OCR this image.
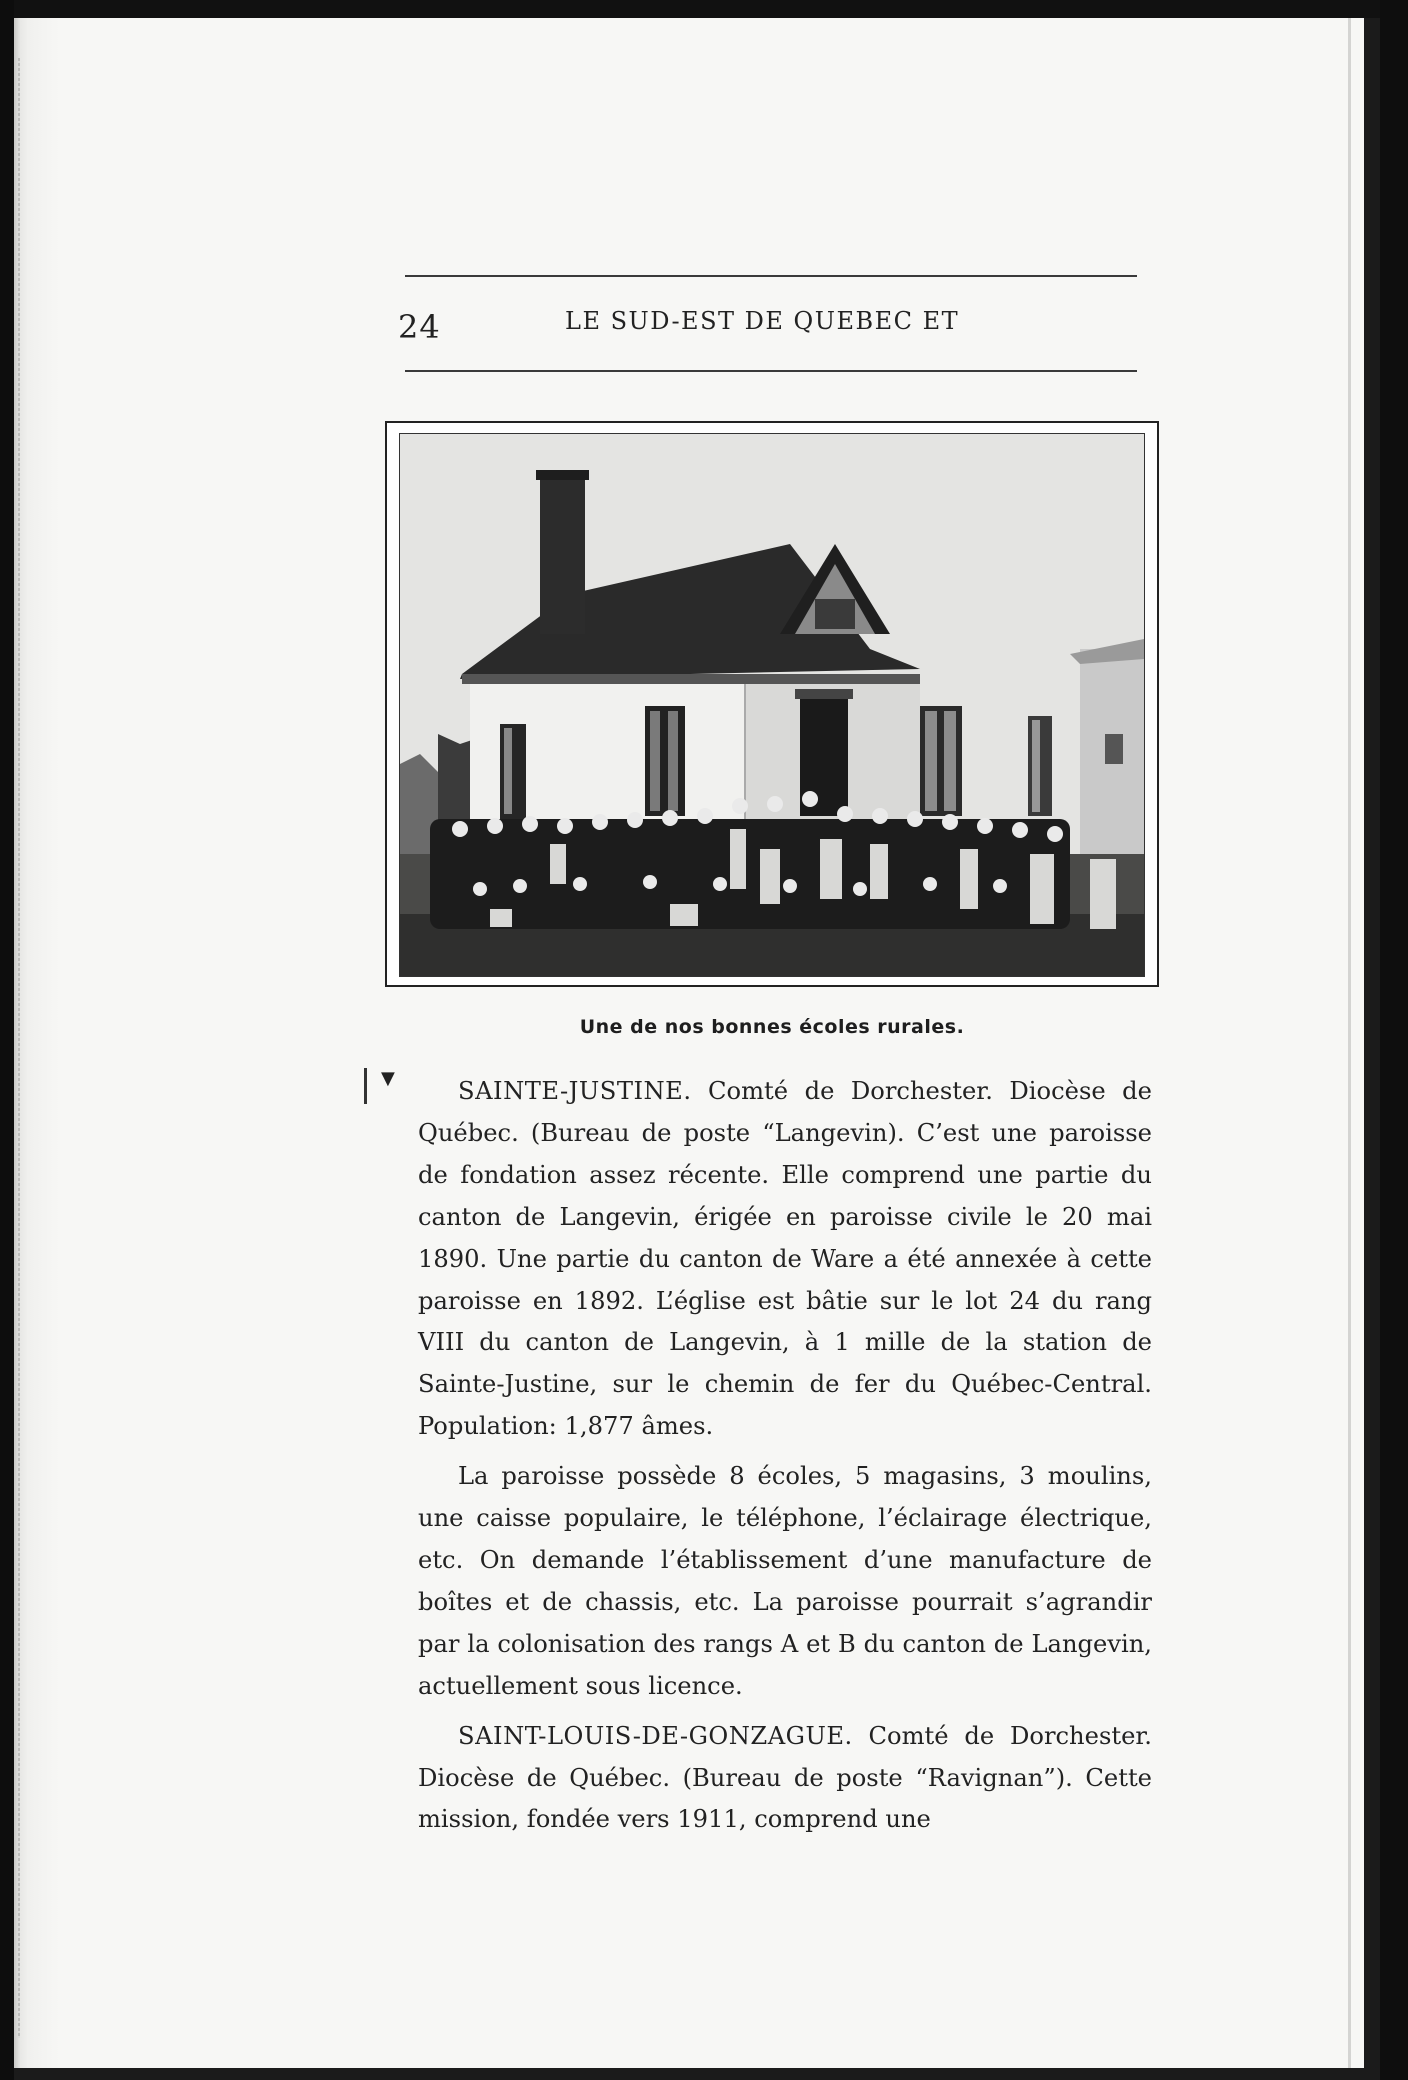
24	LE SUD-EST DE QUEBEC ET
Une de nos bonnes écoles rurales.
▼	SAINTE-JUSTINE. Comté de Dorchester. Diocèse de Québec. (Bureau de poste “Langevin). C’est une paroisse de fondation assez récente. Elle comprend une partie du canton de Langevin, érigée en paroisse civile le 20 mai 1890. Une partie du canton de Ware a été annexée à cette paroisse en 1892. L’église est bâtie sur le lot 24 du rang VIII du canton de Langevin, à 1 mille de la station de Sainte-Justine, sur le chemin de fer du Québec-Central. Population: 1,877 âmes.

La paroisse possède 8 écoles, 5 magasins, 3 moulins, une caisse populaire, le téléphone, l’éclairage électrique, etc. On demande l’établissement d’une manufacture de boîtes et de chassis, etc. La paroisse pourrait s’agrandir par la colonisation des rangs A et B du canton de Langevin, actuellement sous licence.

SAINT-LOUIS-DE-GONZAGUE. Comté de Dorchester. Diocèse de Québec. (Bureau de poste “Ravignan”). Cette mission, fondée vers 1911, comprend une
